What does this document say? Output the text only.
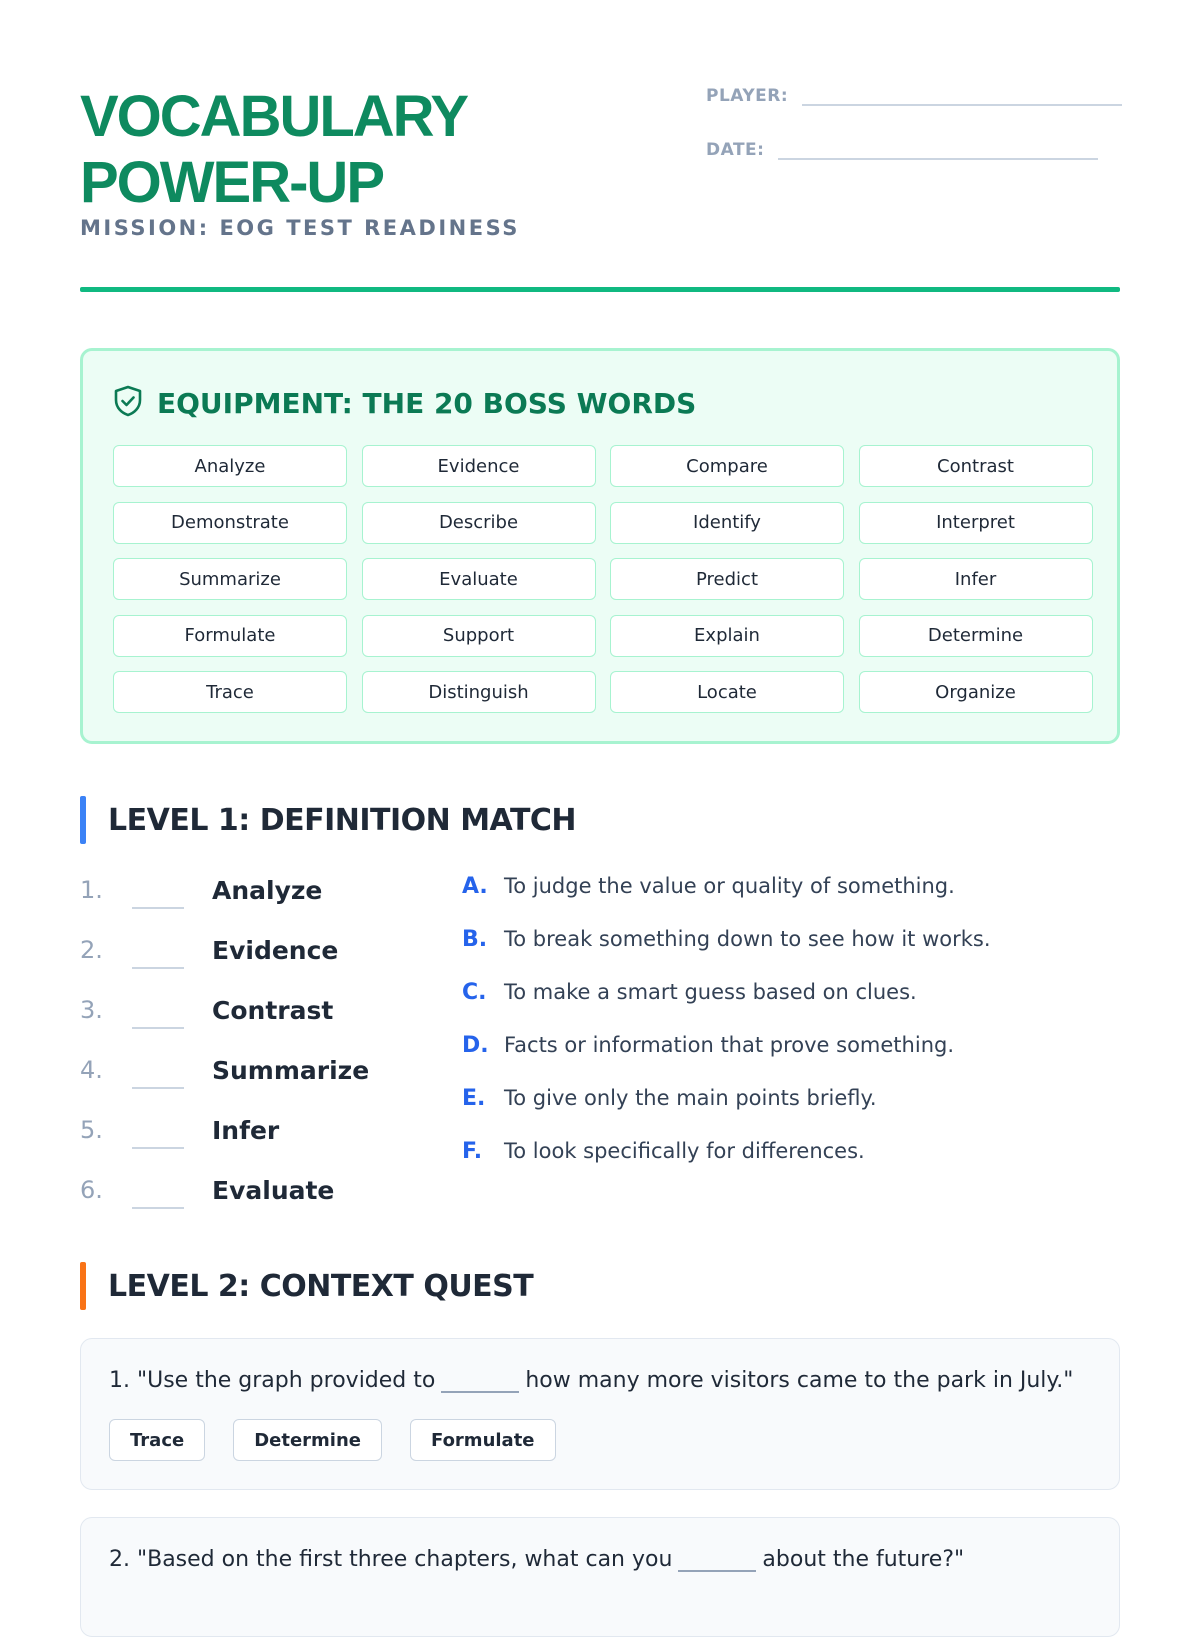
VOCABULARY
POWER-UP
MISSION: EOG TEST READINESS
PLAYER:
DATE:
EQUIPMENT: THE 20 BOSS WORDS
Analyze	Evidence	Compare	Contrast
Demonstrate	Describe	Identify	Interpret
Summarize	Evaluate	Predict	Infer
Formulate	Support	Explain	Determine
Trace	Distinguish	Locate	Organize
LEVEL 1: DEFINITION MATCH
1.	Analyze
2.	Evidence
3.	Contrast
4.	Summarize
5.	Infer
6.	Evaluate
A. To judge the value or quality of something.
B. To break something down to see how it works.
C. To make a smart guess based on clues.
D. Facts or information that prove something.
E. To give only the main points briefly.
F.	To look specifically for differences.
LEVEL 2: CONTEXT QUEST
1. "Use the graph provided to	how many more visitors came to the park in July."
Trace	Determine	Formulate
2. "Based on the first three chapters, what can you	about the future?"
